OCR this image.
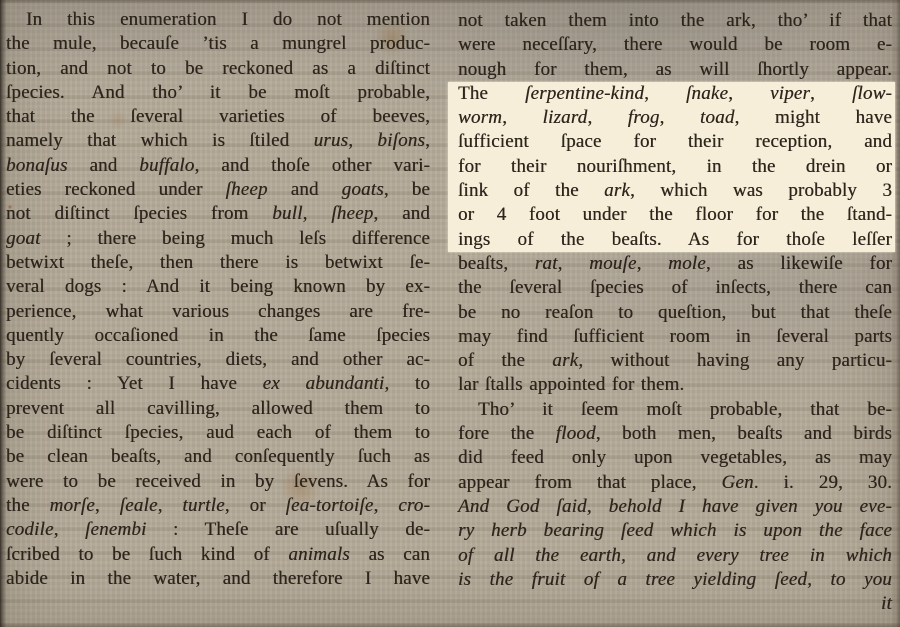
In this enumeration I do not mention
the mule, becauſe ’tis a mungrel produc-
tion, and not to be reckoned as a diſtinct
ſpecies. And tho’ it be moſt probable,
that the ſeveral varieties of beeves,
namely that which is ſtiled urus, biſons,
bonaſus and buffalo, and thoſe other vari-
eties reckoned under ſheep and goats, be
not diſtinct ſpecies from bull, ſheep, and
goat ; there being much leſs difference
betwixt theſe, then there is betwixt ſe-
veral dogs : And it being known by ex-
perience, what various changes are fre-
quently occaſioned in the ſame ſpecies
by ſeveral countries, diets, and other ac-
cidents : Yet I have ex abundanti, to
prevent all cavilling, allowed them to
be diſtinct ſpecies, aud each of them to
be clean beaſts, and conſequently ſuch as
were to be received in by ſevens. As for
the morſe, ſeale, turtle, or ſea-tortoiſe, cro-
codile, ſenembi : Theſe are uſually de-
ſcribed to be ſuch kind of animals as can
abide in the water, and therefore I have
not taken them into the ark, tho’ if that
were neceſſary, there would be room e-
nough for them, as will ſhortly appear.
The ſerpentine-kind, ſnake, viper, ſlow-
worm, lizard, frog, toad, might have
ſufficient ſpace for their reception, and
for their nouriſhment, in the drein or
ſink of the ark, which was probably 3
or 4 foot under the floor for the ſtand-
ings of the beaſts. As for thoſe leſſer
beaſts, rat, mouſe, mole, as likewiſe for
the ſeveral ſpecies of inſects, there can
be no reaſon to queſtion, but that theſe
may find ſufficient room in ſeveral parts
of the ark, without having any particu-
lar ſtalls appointed for them.
Tho’ it ſeem moſt probable, that be-
fore the flood, both men, beaſts and birds
did feed only upon vegetables, as may
appear from that place, Gen. i. 29, 30.
And God ſaid, behold I have given you eve-
ry herb bearing ſeed which is upon the face
of all the earth, and every tree in which
is the fruit of a tree yielding ſeed, to you
it
